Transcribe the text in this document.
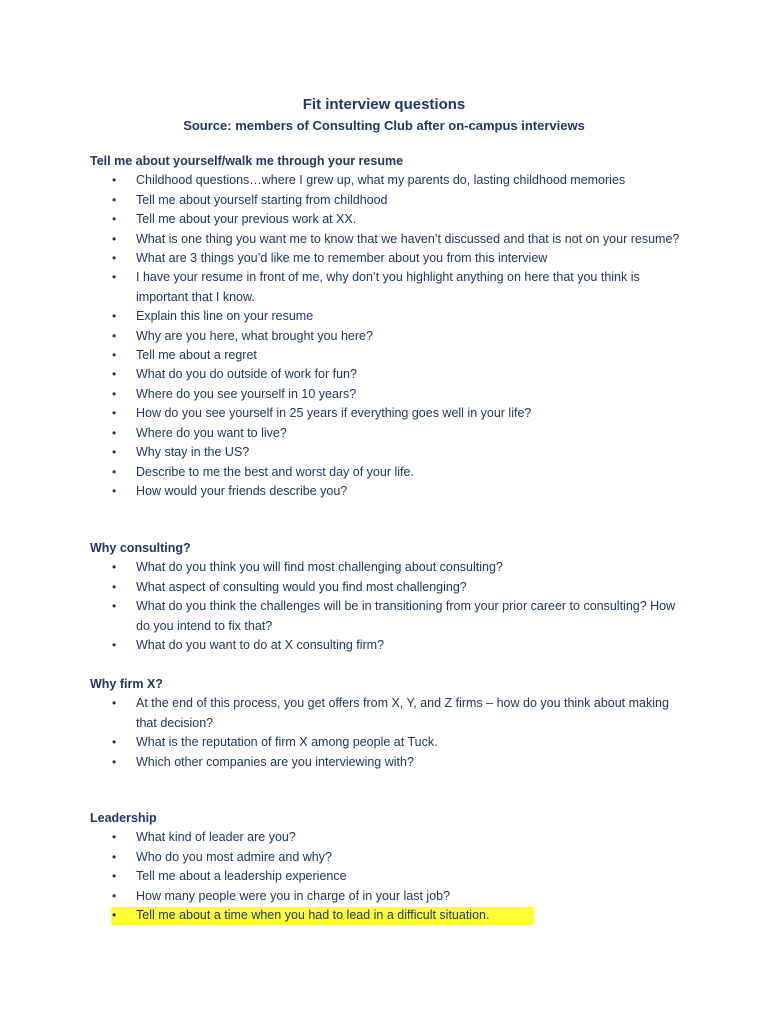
Fit interview questions
Source: members of Consulting Club after on-campus interviews
Tell me about yourself/walk me through your resume
• Childhood questions…where I grew up, what my parents do, lasting childhood memories
• Tell me about yourself starting from childhood
• Tell me about your previous work at XX.
• What is one thing you want me to know that we haven’t discussed and that is not on your resume?
• What are 3 things you’d like me to remember about you from this interview
• I have your resume in front of me, why don’t you highlight anything on here that you think is important that I know.
• Explain this line on your resume
• Why are you here, what brought you here?
• Tell me about a regret
• What do you do outside of work for fun?
• Where do you see yourself in 10 years?
• How do you see yourself in 25 years if everything goes well in your life?
• Where do you want to live?
• Why stay in the US?
• Describe to me the best and worst day of your life.
• How would your friends describe you?
Why consulting?
• What do you think you will find most challenging about consulting?
• What aspect of consulting would you find most challenging?
• What do you think the challenges will be in transitioning from your prior career to consulting? How do you intend to fix that?
• What do you want to do at X consulting firm?
Why firm X?
• At the end of this process, you get offers from X, Y, and Z firms – how do you think about making that decision?
• What is the reputation of firm X among people at Tuck.
• Which other companies are you interviewing with?
Leadership
• What kind of leader are you?
• Who do you most admire and why?
• Tell me about a leadership experience
• How many people were you in charge of in your last job?
• Tell me about a time when you had to lead in a difficult situation.
